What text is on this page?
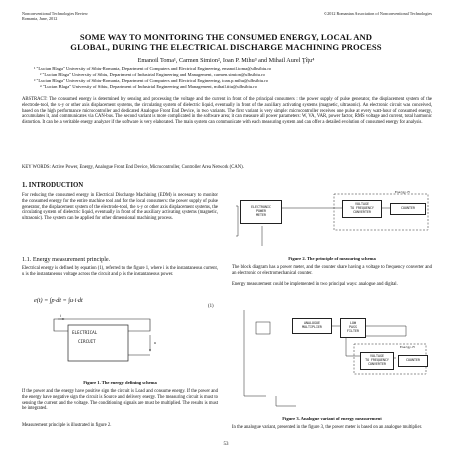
Nonconventional Technologies Review
Romania, June, 2012
©2012 Romanian Association of Nonconventional Technologies
SOME WAY TO MONITORING THE CONSUMED ENERGY, LOCAL AND
GLOBAL, DURING THE ELECTRICAL DISCHARGE MACHINING PROCESS
Emanoil Toma¹, Carmen Simion², Ioan P. Mihu³ and Mihail Aurel Ţîţu⁴
¹ "Lucian Blaga" University of Sibiu-Romania, Department of Computers and Electrical Engineering, emanoil.toma@ulbsibiu.ro
² "Lucian Blaga" University of Sibiu, Department of Industrial Engineering and Management, carmen.simion@ulbsibiu.ro
³ "Lucian Blaga" University of Sibiu-Romania, Department of Computers and Electrical Engineering, ioan.p.mihu@ulbsibiu.ro
⁴ "Lucian Blaga" University of Sibiu, Department of Industrial Engineering and Management, mihail.titu@ulbsibiu.ro
ABSTRACT: The consumed energy is determined by sensing and processing the voltage and the current in front of the principal consumers : the power supply of pulse generator, the displacement system of the electrode-tool, the x-y or other axis displacement systems, the circulating system of dielectric liquid, eventually in front of the auxiliary activating systems (magnetic, ultrasonic). An electronic circuit was conceived, based on the high performance microcontroller and dedicated Analogue Front End Device, in two variants. The first variant is very simple: microcontroller receives one pulse at every watt-hour of consumed energy, accumulates it, and communicates via CAN-bus. The second variant is more complicated in the software area; it can measure all power parameters: W, VA, VAR, power factor, RMS voltage and current, total harmonic distortion. It can be a veritable energy analyzer if the software is very elaborated. The main system can communicate with each measuring system and can offer a detailed evolution of consumed energy for analysis.
KEY WORDS: Active Power, Energy, Analogue Front End Device, Microcontroller, Controller Area Network (CAN).
1. INTRODUCTION
For reducing the consumed energy in Electrical Discharge Machining (EDM) is necessary to monitor the consumed energy for the entire machine tool and for the local consumers: the power supply of pulse generator, the displacement system of the electrode-tool, the x-y or other axis displacement systems, the circulating system of dielectric liquid, eventually in front of the auxiliary activating systems (magnetic, ultrasonic). The system can be applied for other dimensional machining process.
1.1. Energy measurement principle.
Electrical energy is defined by equation (1), referred to the figure 1, where i is the instantaneous current, u is the instantaneous voltage across the circuit and p is the instantaneous power.
e(t) = ∫p·dt = ∫u·i·dt
(1)
ELECTRICAL
CIRCUIT	u
i
Figure 1. The energy defining schema
If the power and the energy have positive sign the circuit is Load and consume energy. If the power and the energy have negative sign the circuit is Source and delivery energy. The measuring circuit is must to sensing the current and the voltage. The conditioning signals are must be multiplied. The results is must be integrated.
Measurement principle is illustrated in figure 2.
Energy-M
ELECTRONIC
POWER
METER
VOLTAGE
TO FREQUENCY
CONVERTER
COUNTER
Figure 2. The principle of measuring schema
The block diagram has a power meter, and the counter share having a voltage to frequency converter and an electronic or electromechanical counter.
Energy measurement could be implemented in two principal ways: analogue and digital.
ANALOGUE
MULTIPLIER
LOW
PASS
FILTER
Energy-M
VOLTAGE
TO FREQUENCY
CONVERTER
COUNTER
Figure 3. Analogue variant of energy measurement
In the analogue variant, presented in the figure 3, the power meter is based on an analogue multiplier.
53
